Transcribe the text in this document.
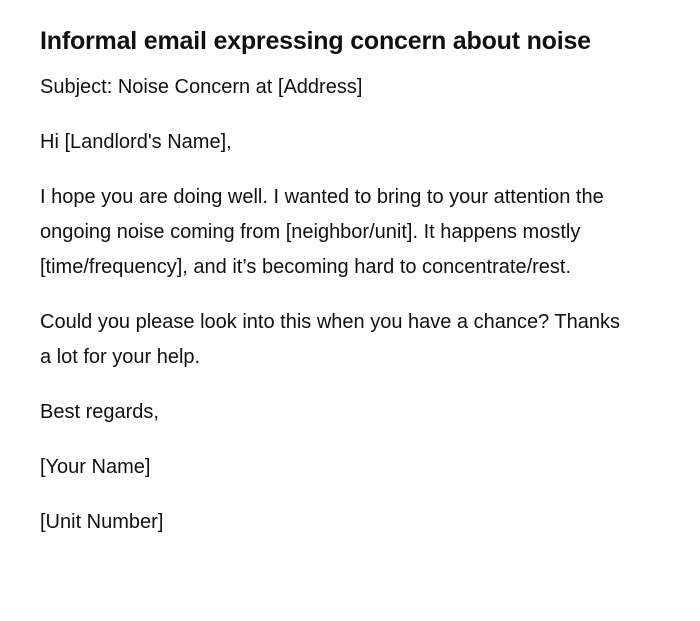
Informal email expressing concern about noise

Subject: Noise Concern at [Address]

Hi [Landlord's Name],

I hope you are doing well. I wanted to bring to your attention the ongoing noise coming from [neighbor/unit]. It happens mostly [time/frequency], and it’s becoming hard to concentrate/rest.

Could you please look into this when you have a chance? Thanks a lot for your help.

Best regards,

[Your Name]

[Unit Number]
